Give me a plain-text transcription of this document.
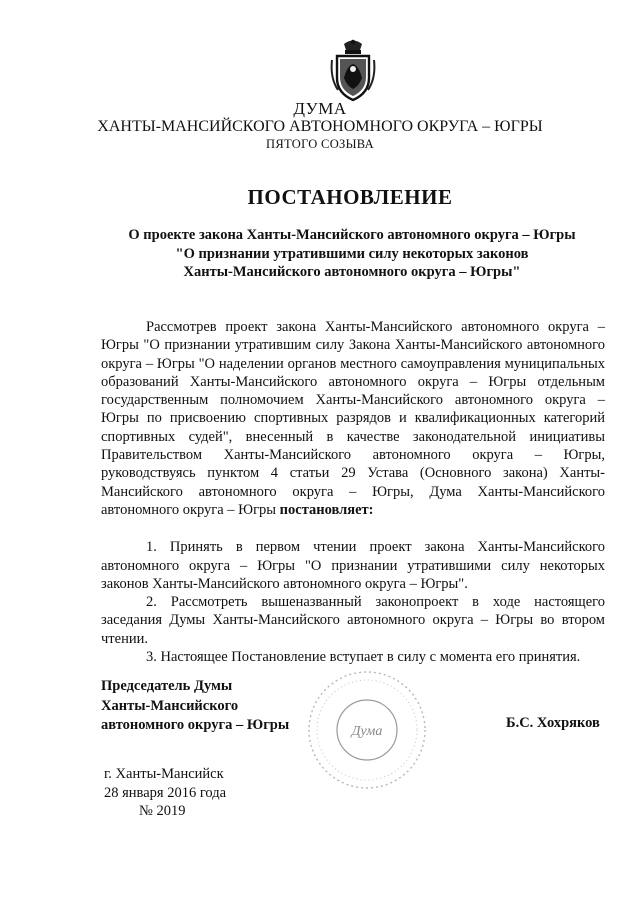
ДУМА
ХАНТЫ-МАНСИЙСКОГО АВТОНОМНОГО ОКРУГА – ЮГРЫ
ПЯТОГО СОЗЫВА
ПОСТАНОВЛЕНИЕ
О проекте закона Ханты-Мансийского автономного округа – Югры
"О признании утратившими силу некоторых законов
Ханты-Мансийского автономного округа – Югры"

Рассмотрев проект закона Ханты-Мансийского автономного округа – Югры "О признании утратившим силу Закона Ханты-Мансийского автономного округа – Югры "О наделении органов местного самоуправления муниципальных образований Ханты-Мансийского автономного округа – Югры отдельным государственным полномочием Ханты-Мансийского автономного округа – Югры по присвоению спортивных разрядов и квалификационных категорий спортивных судей", внесенный в качестве законодательной инициативы Правительством Ханты-Мансийского автономного округа – Югры, руководствуясь пунктом 4 статьи 29 Устава (Основного закона) Ханты-Мансийского автономного округа – Югры, Дума Ханты-Мансийского автономного округа – Югры постановляет:

1. Принять в первом чтении проект закона Ханты-Мансийского автономного округа – Югры "О признании утратившими силу некоторых законов Ханты-Мансийского автономного округа – Югры".

2. Рассмотреть вышеназванный законопроект в ходе настоящего заседания Думы Ханты-Мансийского автономного округа – Югры во втором чтении.

3. Настоящее Постановление вступает в силу с момента его принятия.

Председатель Думы
Ханты-Мансийского
автономного округа – Югры	Дума
Б.С. Хохряков
г. Ханты-Мансийск
28 января 2016 года
№ 2019
